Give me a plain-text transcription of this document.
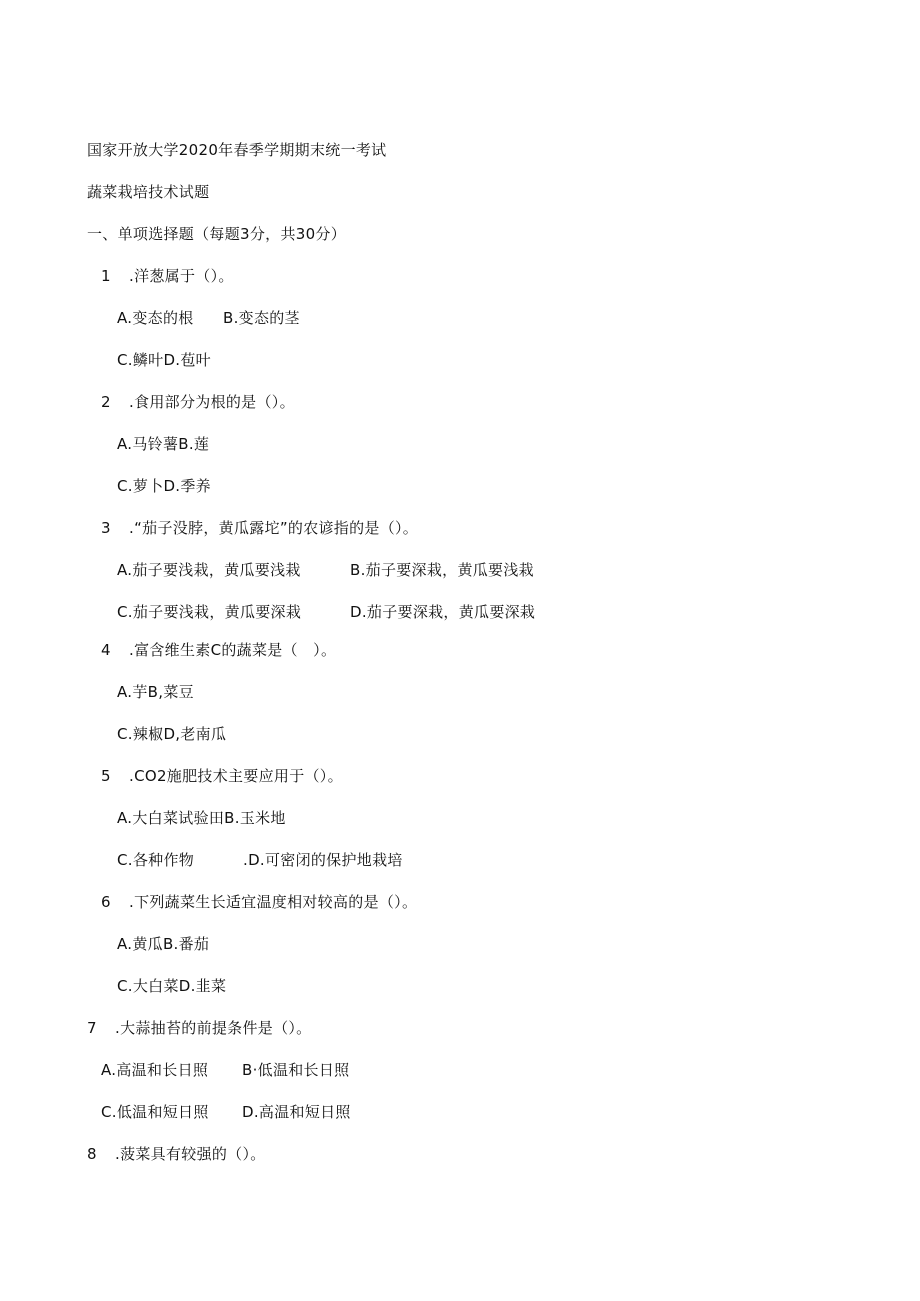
国家开放大学2020年春季学期期末统一考试
蔬菜栽培技术试题
一、单项选择题（每题3分，共30分）
1 .洋葱属于（）。
A.变态的根 B.变态的茎
C.鳞叶D.苞叶
2 .食用部分为根的是（）。
A.马铃薯B.莲
C.萝卜D.季养
3 .“茄子没脖，黄瓜露坨”的农谚指的是（）。
A.茄子要浅栽，黄瓜要浅栽	B.茄子要深栽，黄瓜要浅栽
C.茄子要浅栽，黄瓜要深栽	D.茄子要深栽，黄瓜要深栽
4 .富含维生素C的蔬菜是（　）。
A.芋B,菜豆
C.辣椒D,老南瓜
5 .CO2施肥技术主要应用于（）。
A.大白菜试验田B.玉米地
C.各种作物	.D.可密闭的保护地栽培
6 .下列蔬菜生长适宜温度相对较高的是（）。
A.黄瓜B.番茄
C.大白菜D.韭菜
7 .大蒜抽苔的前提条件是（）。
A.高温和长日照 B·低温和长日照
C.低温和短日照 D.高温和短日照
8 .菠菜具有较强的（）。
